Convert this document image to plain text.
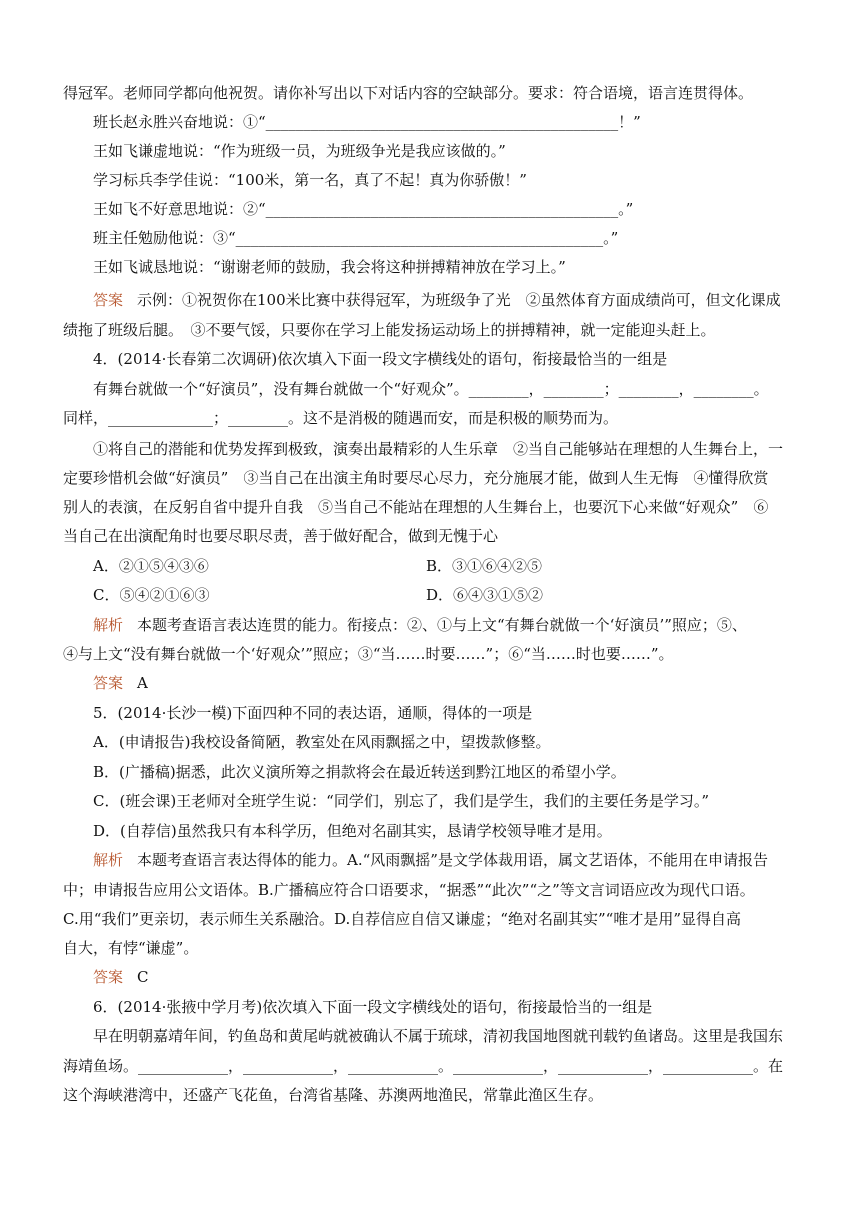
得冠军。老师同学都向他祝贺。请你补写出以下对话内容的空缺部分。要求：符合语境，语言连贯得体。
班长赵永胜兴奋地说：①“_______________________________________________！”
王如飞谦虚地说：“作为班级一员，为班级争光是我应该做的。”
学习标兵李学佳说：“100米，第一名，真了不起！真为你骄傲！”
王如飞不好意思地说：②“_______________________________________________。”
班主任勉励他说：③“_________________________________________________。”
王如飞诚恳地说：“谢谢老师的鼓励，我会将这种拼搏精神放在学习上。”
答案 示例：①祝贺你在100米比赛中获得冠军，为班级争了光　②虽然体育方面成绩尚可，但文化课成
绩拖了班级后腿。　③不要气馁，只要你在学习上能发扬运动场上的拼搏精神，就一定能迎头赶上。
4．(2014·长春第二次调研)依次填入下面一段文字横线处的语句，衔接最恰当的一组是
有舞台就做一个“好演员”，没有舞台就做一个“好观众”。________，________；________，________。
同样，______________；________。这不是消极的随遇而安，而是积极的顺势而为。
①将自己的潜能和优势发挥到极致，演奏出最精彩的人生乐章　②当自己能够站在理想的人生舞台上，一
定要珍惜机会做“好演员”　③当自己在出演主角时要尽心尽力，充分施展才能，做到人生无悔　④懂得欣赏
别人的表演，在反躬自省中提升自我　⑤当自己不能站在理想的人生舞台上，也要沉下心来做“好观众”　⑥
当自己在出演配角时也要尽职尽责，善于做好配合，做到无愧于心
A．②①⑤④③⑥	B．③①⑥④②⑤
C．⑤④②①⑥③	D．⑥④③①⑤②
解析 本题考查语言表达连贯的能力。衔接点：②、①与上文“有舞台就做一个‘好演员’”照应；⑤、
④与上文“没有舞台就做一个‘好观众’”照应；③“当……时要……”；⑥“当……时也要……”。
答案 A
5．(2014·长沙一模)下面四种不同的表达语，通顺，得体的一项是
A．(申请报告)我校设备简陋，教室处在风雨飘摇之中，望拨款修整。
B．(广播稿)据悉，此次义演所筹之捐款将会在最近转送到黔江地区的希望小学。
C．(班会课)王老师对全班学生说：“同学们，别忘了，我们是学生，我们的主要任务是学习。”
D．(自荐信)虽然我只有本科学历，但绝对名副其实，恳请学校领导唯才是用。
解析 本题考查语言表达得体的能力。A.“风雨飘摇”是文学体裁用语，属文艺语体，不能用在申请报告
中；申请报告应用公文语体。B.广播稿应符合口语要求，“据悉”“此次”“之”等文言词语应改为现代口语。
C.用“我们”更亲切，表示师生关系融洽。D.自荐信应自信又谦虚；“绝对名副其实”“唯才是用”显得自高
自大，有悖“谦虚”。
答案 C
6．(2014·张掖中学月考)依次填入下面一段文字横线处的语句，衔接最恰当的一组是
早在明朝嘉靖年间，钓鱼岛和黄尾屿就被确认不属于琉球，清初我国地图就刊载钓鱼诸岛。这里是我国东
海靖鱼场。____________，____________，____________。____________，____________，____________。在
这个海峡港湾中，还盛产飞花鱼，台湾省基隆、苏澳两地渔民，常靠此渔区生存。
